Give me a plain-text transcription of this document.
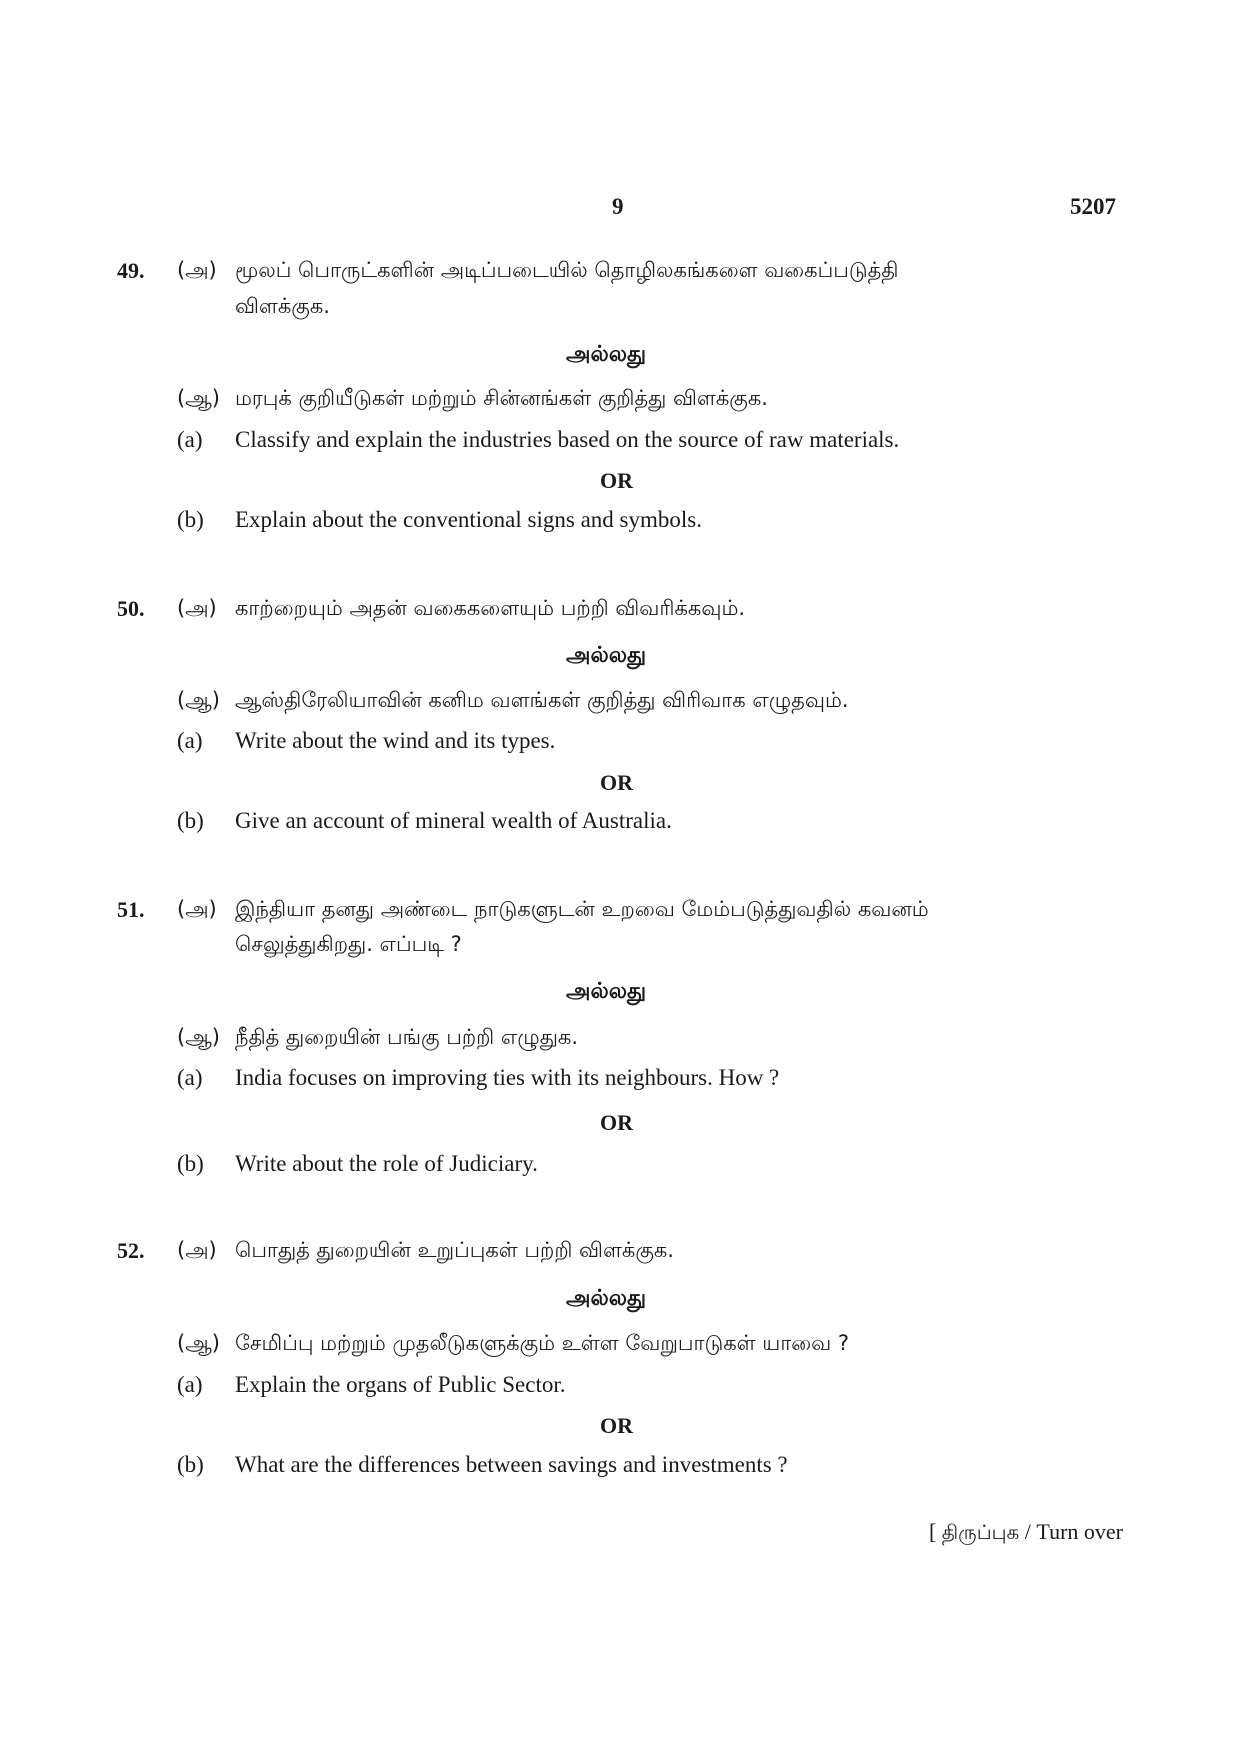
9	5207
49. (அ) மூலப் பொருட்களின் அடிப்படையில் தொழிலகங்களை வகைப்படுத்தி
விளக்குக.
அல்லது
(ஆ) மரபுக் குறியீடுகள் மற்றும் சின்னங்கள் குறித்து விளக்குக.
(a) Classify and explain the industries based on the source of raw materials.
OR
(b) Explain about the conventional signs and symbols.
50. (அ) காற்றையும் அதன் வகைகளையும் பற்றி விவரிக்கவும்.
அல்லது
(ஆ) ஆஸ்திரேலியாவின் கனிம வளங்கள் குறித்து விரிவாக எழுதவும்.
(a) Write about the wind and its types.
OR
(b) Give an account of mineral wealth of Australia.
51. (அ) இந்தியா தனது அண்டை நாடுகளுடன் உறவை மேம்படுத்துவதில் கவனம்
செலுத்துகிறது. எப்படி ?
அல்லது
(ஆ) நீதித் துறையின் பங்கு பற்றி எழுதுக.
(a) India focuses on improving ties with its neighbours. How ?
OR
(b) Write about the role of Judiciary.
52. (அ) பொதுத் துறையின் உறுப்புகள் பற்றி விளக்குக.
அல்லது
(ஆ) சேமிப்பு மற்றும் முதலீடுகளுக்கும் உள்ள வேறுபாடுகள் யாவை ?
(a) Explain the organs of Public Sector.
OR
(b) What are the differences between savings and investments ?
[ திருப்புக / Turn over
